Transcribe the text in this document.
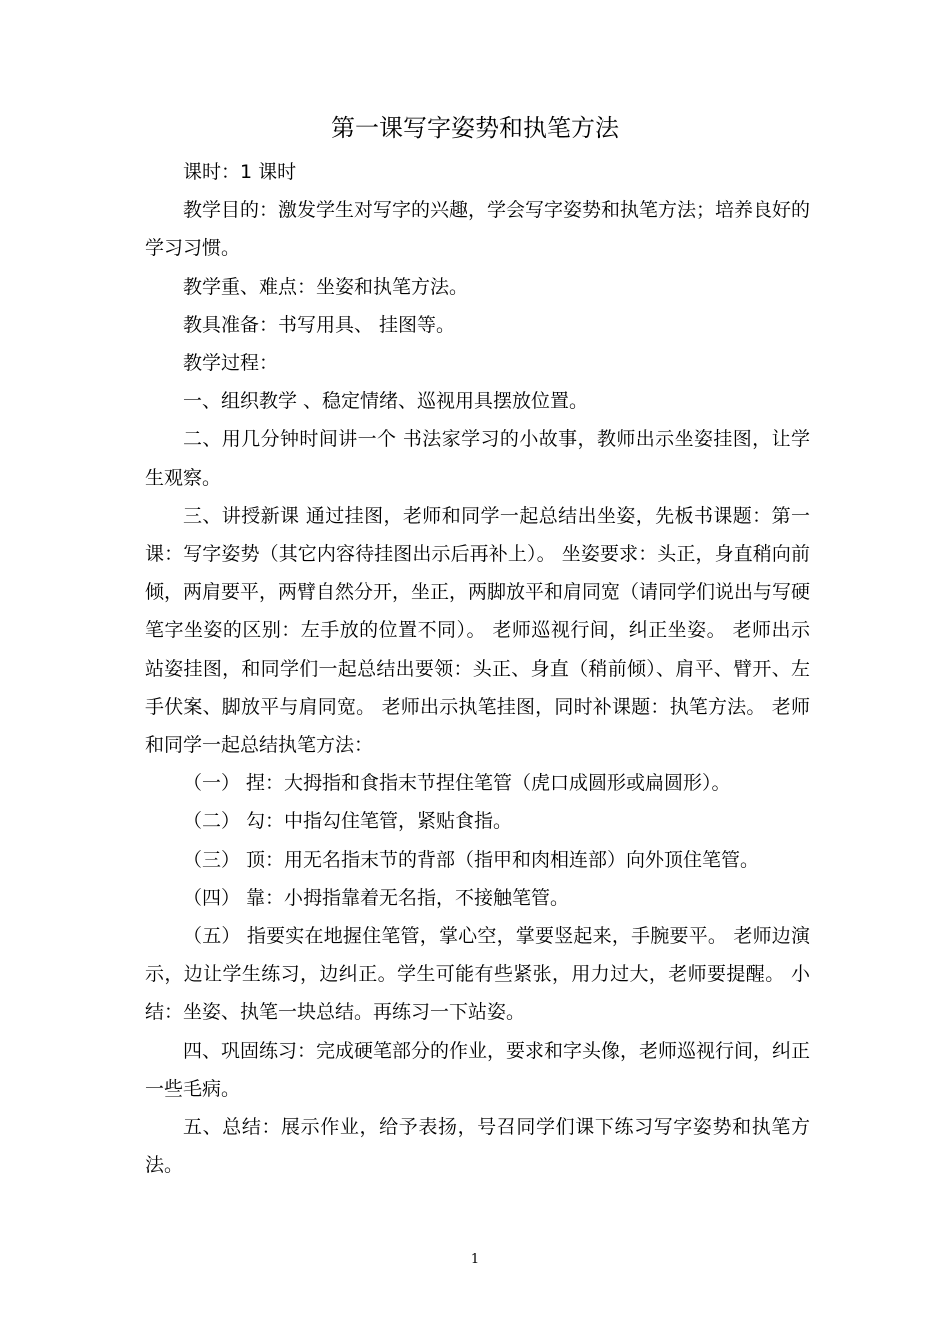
第一课写字姿势和执笔方法

课时：1 课时

教学目的：激发学生对写字的兴趣，学会写字姿势和执笔方法；培养良好的学习习惯。

教学重、难点：坐姿和执笔方法。

教具准备：书写用具、 挂图等。

教学过程：

一、组织教学 、稳定情绪、巡视用具摆放位置。

二、用几分钟时间讲一个 书法家学习的小故事，教师出示坐姿挂图，让学生观察。

三、讲授新课 通过挂图，老师和同学一起总结出坐姿，先板书课题：第一课：写字姿势（其它内容待挂图出示后再补上）。 坐姿要求：头正，身直稍向前倾，两肩要平，两臂自然分开，坐正，两脚放平和肩同宽（请同学们说出与写硬笔字坐姿的区别：左手放的位置不同）。 老师巡视行间，纠正坐姿。 老师出示站姿挂图，和同学们一起总结出要领：头正、身直（稍前倾）、肩平、臂开、左手伏案、脚放平与肩同宽。 老师出示执笔挂图，同时补课题：执笔方法。 老师和同学一起总结执笔方法：

（一） 捏：大拇指和食指末节捏住笔管（虎口成圆形或扁圆形）。

（二） 勾：中指勾住笔管，紧贴食指。

（三） 顶：用无名指末节的背部（指甲和肉相连部）向外顶住笔管。

（四） 靠：小拇指靠着无名指，不接触笔管。

（五） 指要实在地握住笔管，掌心空，掌要竖起来，手腕要平。 老师边演示，边让学生练习，边纠正。学生可能有些紧张，用力过大，老师要提醒。 小结：坐姿、执笔一块总结。再练习一下站姿。

四、巩固练习：完成硬笔部分的作业，要求和字头像，老师巡视行间，纠正一些毛病。

五、总结：展示作业，给予表扬，号召同学们课下练习写字姿势和执笔方法。

1
